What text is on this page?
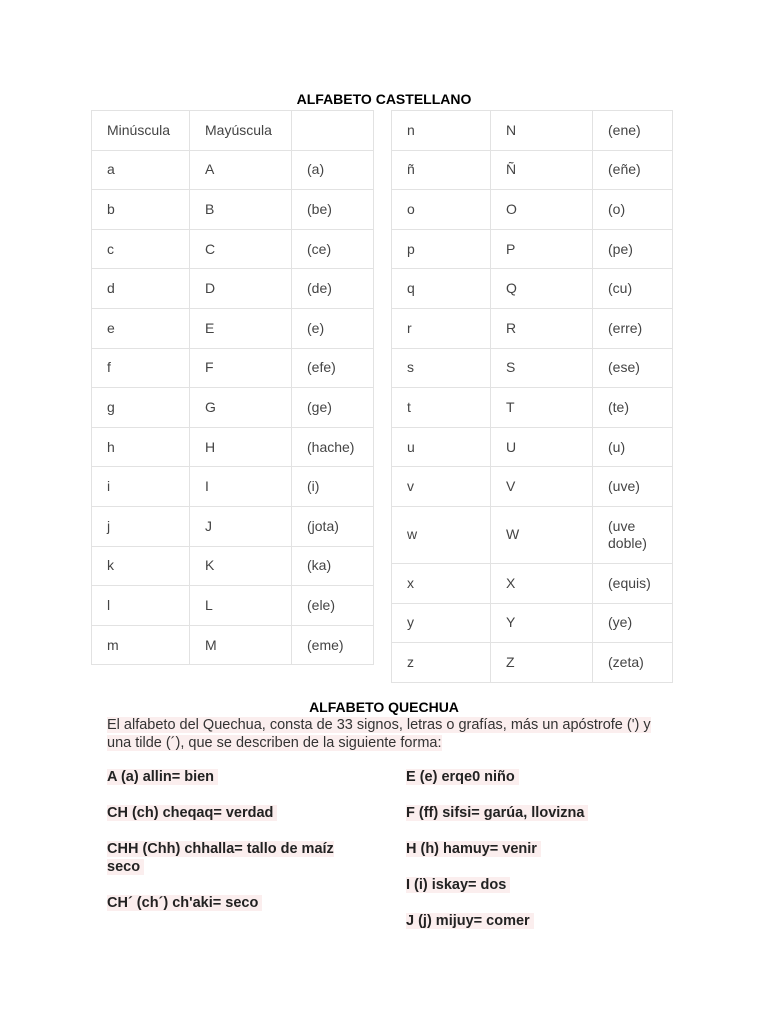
ALFABETO CASTELLANO
Minúscula	Mayúscula	
a	A	(a)
b	B	(be)
c	C	(ce)
d	D	(de)
e	E	(e)
f	F	(efe)
g	G	(ge)
h	H	(hache)
i	I	(i)
j	J	(jota)
k	K	(ka)
l	L	(ele)
m	M	(eme)
n	N	(ene)
ñ	Ñ	(eñe)
o	O	(o)
p	P	(pe)
q	Q	(cu)
r	R	(erre)
s	S	(ese)
t	T	(te)
u	U	(u)
v	V	(uve)
w	W	(uve doble)
x	X	(equis)
y	Y	(ye)
z	Z	(zeta)
ALFABETO QUECHUA
El alfabeto del Quechua, consta de 33 signos, letras o grafías, más un apóstrofe (') y una tilde (´), que se describen de la siguiente forma:
A (a) allin= bien
CH (ch) cheqaq= verdad
CHH (Chh) chhalla= tallo de maíz seco
CH´ (ch´) ch'aki= seco
E (e) erqe0 niño
F (ff) sifsi= garúa, llovizna
H (h) hamuy= venir
I (i) iskay= dos
J (j) mijuy= comer
